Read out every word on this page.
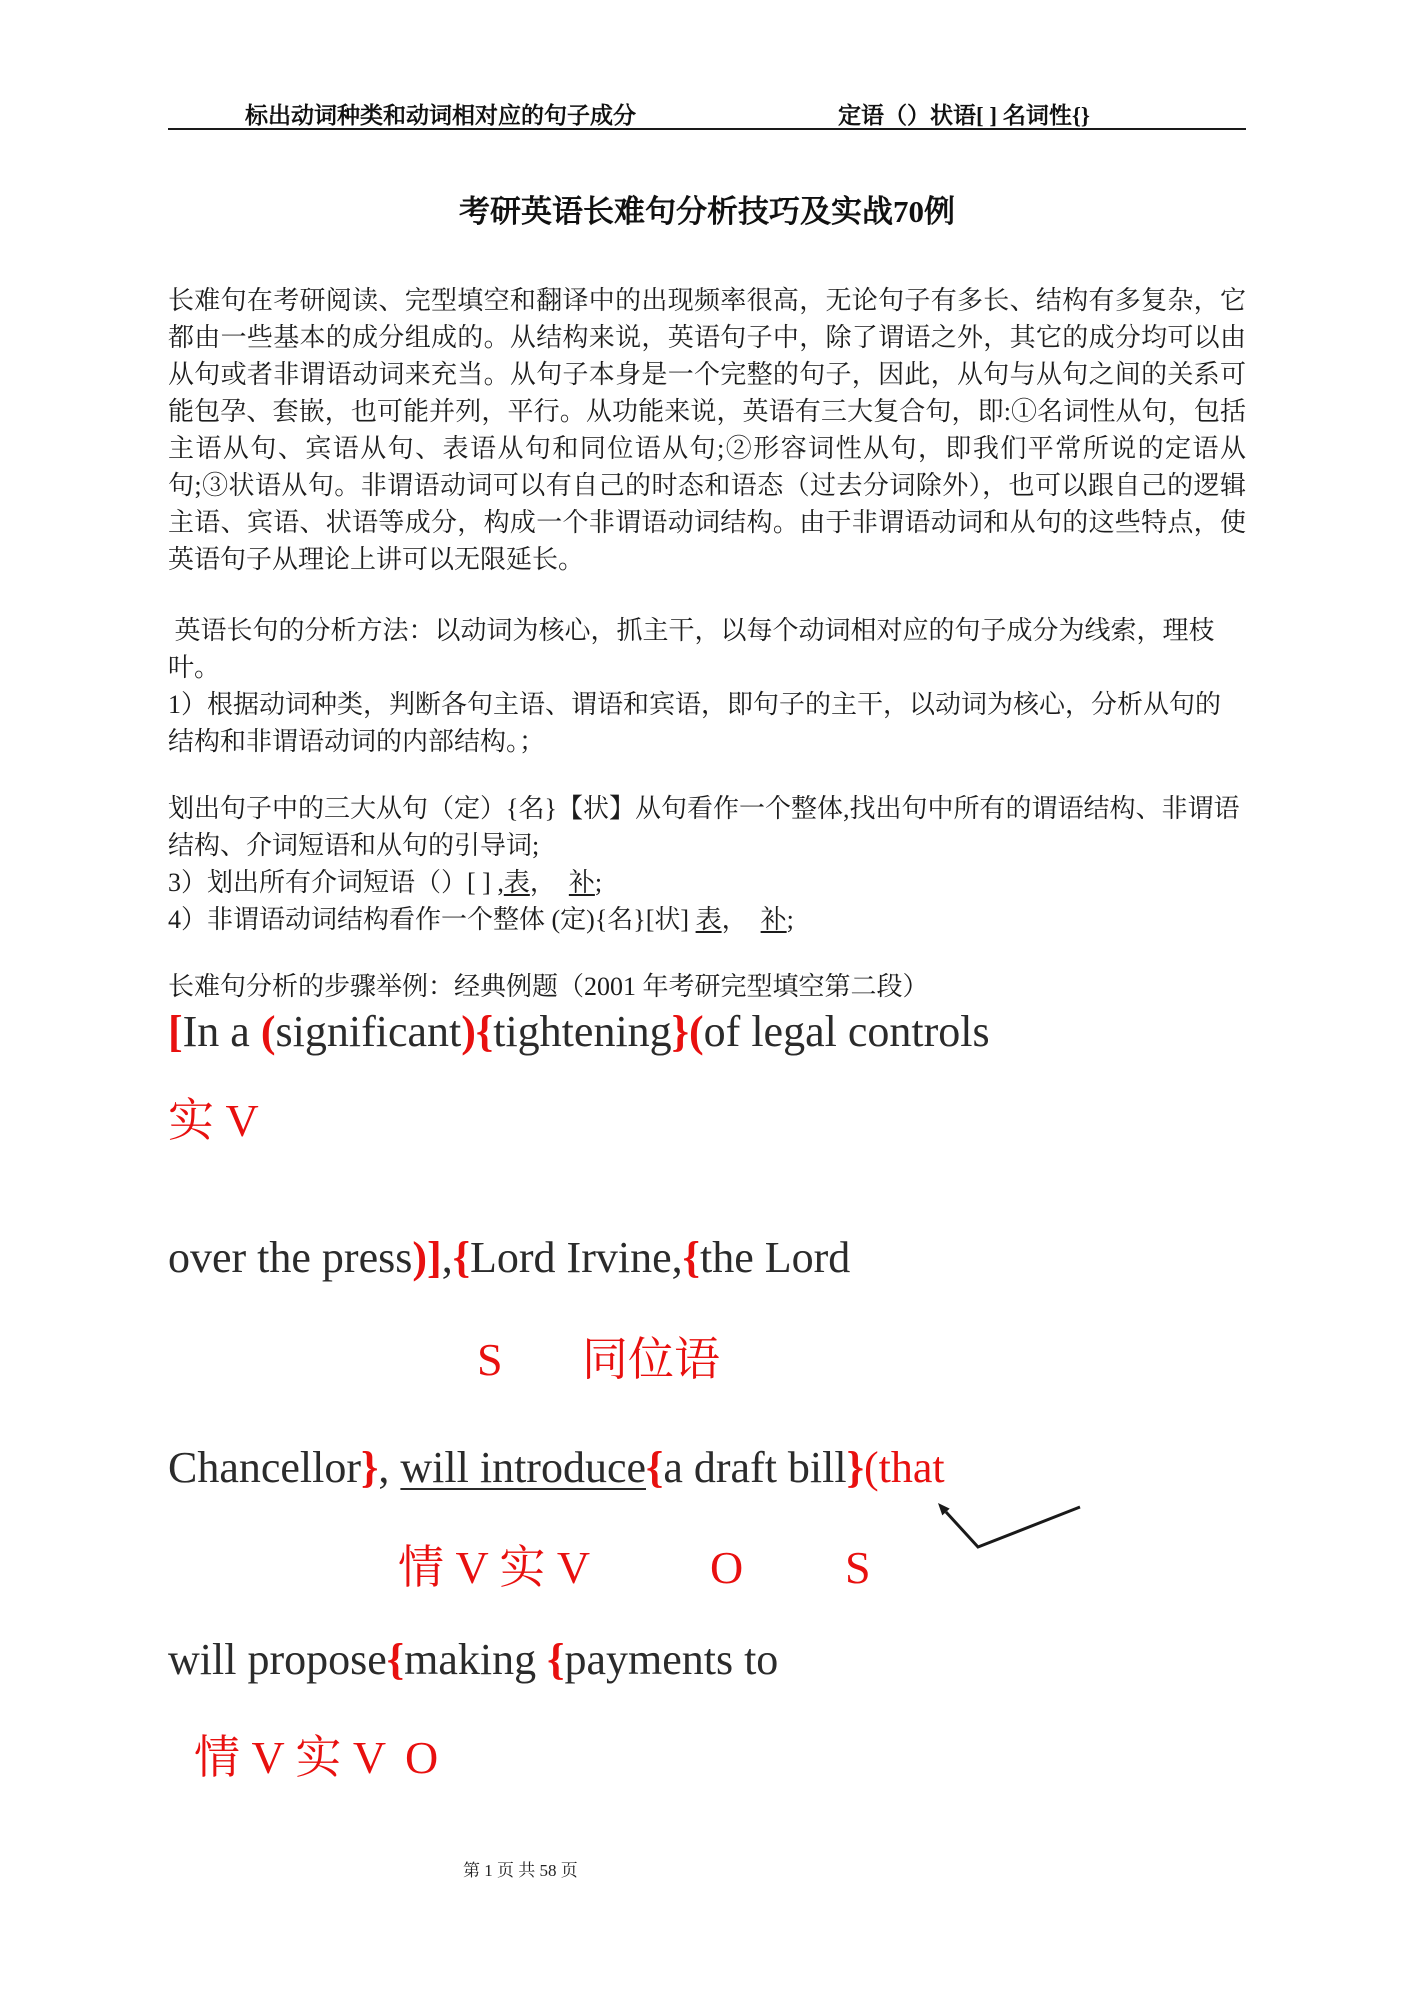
标出动词种类和动词相对应的句子成分	定语（）状语[ ] 名词性{}
考研英语长难句分析技巧及实战70例
长难句在考研阅读、完型填空和翻译中的出现频率很高，无论句子有多长、结构有多复杂，它都由一些基本的成分组成的。从结构来说，英语句子中，除了谓语之外，其它的成分均可以由从句或者非谓语动词来充当。从句子本身是一个完整的句子，因此，从句与从句之间的关系可能包孕、套嵌，也可能并列，平行。从功能来说，英语有三大复合句，即:①名词性从句，包括主语从句、宾语从句、表语从句和同位语从句;②形容词性从句，即我们平常所说的定语从句;③状语从句。非谓语动词可以有自己的时态和语态（过去分词除外），也可以跟自己的逻辑主语、宾语、状语等成分，构成一个非谓语动词结构。由于非谓语动词和从句的这些特点，使英语句子从理论上讲可以无限延长。
英语长句的分析方法：以动词为核心，抓主干，以每个动词相对应的句子成分为线索，理枝叶。
1）根据动词种类，判断各句主语、谓语和宾语，即句子的主干，以动词为核心，分析从句的结构和非谓语动词的内部结构。；
划出句子中的三大从句（定）{名}【状】从句看作一个整体,找出句中所有的谓语结构、非谓语结构、介词短语和从句的引导词;
3）划出所有介词短语（）[ ] ,表，  补;
4）非谓语动词结构看作一个整体 (定){名}[状] 表，  补;
长难句分析的步骤举例：经典例题（2001 年考研完型填空第二段）
[In a (significant){tightening}(of legal controls
实 V
over the press)],{Lord Irvine,{the Lord
S 同位语
Chancellor}, will introduce{a draft bill}(that
情 V 实 V	O S
will propose{making {payments to
情 V 实 V O
第 1 页 共 58 页
